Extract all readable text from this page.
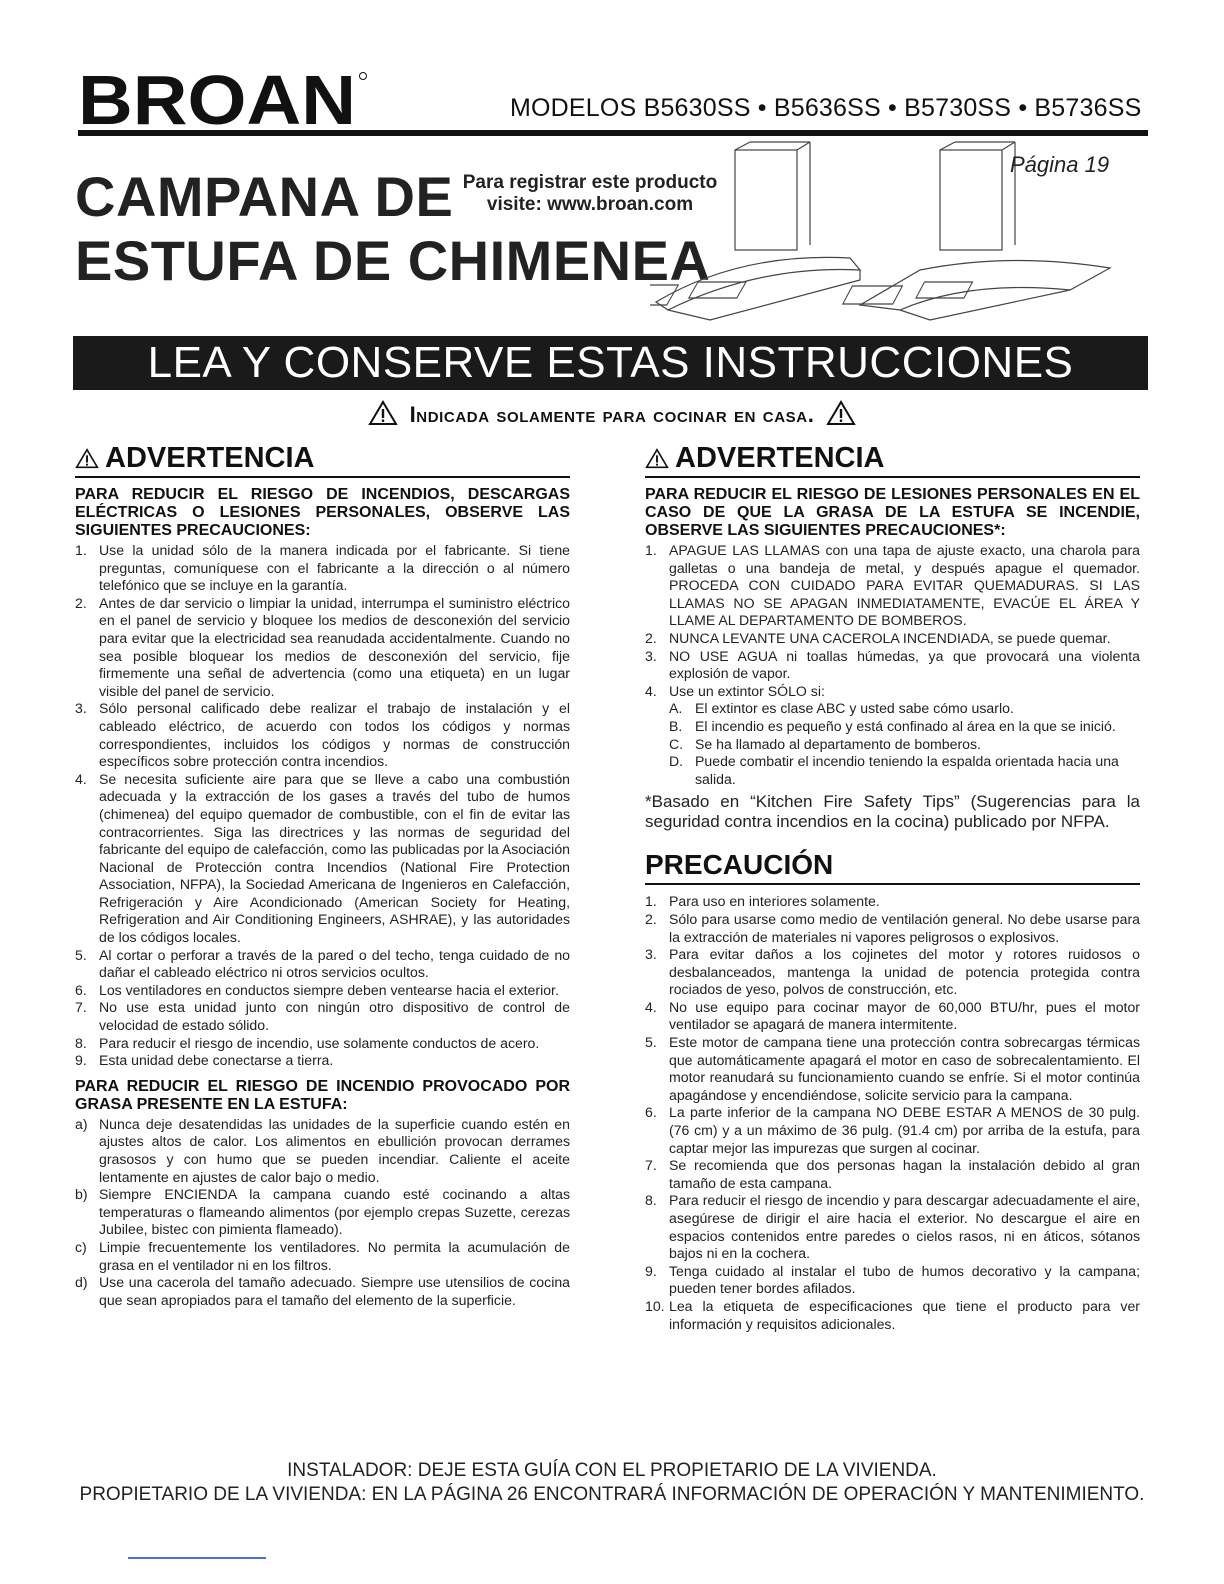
BROAN	MODELOS B5630SS • B5636SS • B5730SS • B5736SS
CAMPANA DE
ESTUFA DE CHIMENEA
Para registrar este producto
visite: www.broan.com
Página 19
LEA Y CONSERVE ESTAS INSTRUCCIONES
Indicada solamente para cocinar en casa.
ADVERTENCIA

PARA REDUCIR EL RIESGO DE INCENDIOS, DESCARGAS ELÉCTRICAS O LESIONES PERSONALES, OBSERVE LAS SIGUIENTES PRECAUCIONES:

1. Use la unidad sólo de la manera indicada por el fabricante. Si tiene preguntas, comuníquese con el fabricante a la dirección o al número telefónico que se incluye en la garantía.
2. Antes de dar servicio o limpiar la unidad, interrumpa el suministro eléctrico en el panel de servicio y bloquee los medios de desconexión del servicio para evitar que la electricidad sea reanudada accidentalmente. Cuando no sea posible bloquear los medios de desconexión del servicio, fije firmemente una señal de advertencia (como una etiqueta) en un lugar visible del panel de servicio.
3. Sólo personal calificado debe realizar el trabajo de instalación y el cableado eléctrico, de acuerdo con todos los códigos y normas correspondientes, incluidos los códigos y normas de construcción específicos sobre protección contra incendios.
4. Se necesita suficiente aire para que se lleve a cabo una combustión adecuada y la extracción de los gases a través del tubo de humos (chimenea) del equipo quemador de combustible, con el fin de evitar las contracorrientes. Siga las directrices y las normas de seguridad del fabricante del equipo de calefacción, como las publicadas por la Asociación Nacional de Protección contra Incendios (National Fire Protection Association, NFPA), la Sociedad Americana de Ingenieros en Calefacción, Refrigeración y Aire Acondicionado (American Society for Heating, Refrigeration and Air Conditioning Engineers, ASHRAE), y las autoridades de los códigos locales.
5. Al cortar o perforar a través de la pared o del techo, tenga cuidado de no dañar el cableado eléctrico ni otros servicios ocultos.
6. Los ventiladores en conductos siempre deben ventearse hacia el exterior.
7. No use esta unidad junto con ningún otro dispositivo de control de velocidad de estado sólido.
8. Para reducir el riesgo de incendio, use solamente conductos de acero.
9. Esta unidad debe conectarse a tierra.

PARA REDUCIR EL RIESGO DE INCENDIO PROVOCADO POR GRASA PRESENTE EN LA ESTUFA:

a) Nunca deje desatendidas las unidades de la superficie cuando estén en ajustes altos de calor. Los alimentos en ebullición provocan derrames grasosos y con humo que se pueden incendiar. Caliente el aceite lentamente en ajustes de calor bajo o medio.
b) Siempre ENCIENDA la campana cuando esté cocinando a altas temperaturas o flameando alimentos (por ejemplo crepas Suzette, cerezas Jubilee, bistec con pimienta flameado).
c) Limpie frecuentemente los ventiladores. No permita la acumulación de grasa en el ventilador ni en los filtros.
d) Use una cacerola del tamaño adecuado. Siempre use utensilios de cocina que sean apropiados para el tamaño del elemento de la superficie.
ADVERTENCIA

PARA REDUCIR EL RIESGO DE LESIONES PERSONALES EN EL CASO DE QUE LA GRASA DE LA ESTUFA SE INCENDIE, OBSERVE LAS SIGUIENTES PRECAUCIONES*:

1. APAGUE LAS LLAMAS con una tapa de ajuste exacto, una charola para galletas o una bandeja de metal, y después apague el quemador. PROCEDA CON CUIDADO PARA EVITAR QUEMADURAS. SI LAS LLAMAS NO SE APAGAN INMEDIATAMENTE, EVACÚE EL ÁREA Y LLAME AL DEPARTAMENTO DE BOMBEROS.
2. NUNCA LEVANTE UNA CACEROLA INCENDIADA, se puede quemar.
3. NO USE AGUA ni toallas húmedas, ya que provocará una violenta explosión de vapor.
4. Use un extintor SÓLO si:
A. El extintor es clase ABC y usted sabe cómo usarlo.
B. El incendio es pequeño y está confinado al área en la que se inició.
C. Se ha llamado al departamento de bomberos.
D. Puede combatir el incendio teniendo la espalda orientada hacia una salida.

*Basado en “Kitchen Fire Safety Tips” (Sugerencias para la seguridad contra incendios en la cocina) publicado por NFPA.

PRECAUCIÓN
1. Para uso en interiores solamente.
2. Sólo para usarse como medio de ventilación general. No debe usarse para la extracción de materiales ni vapores peligrosos o explosivos.
3. Para evitar daños a los cojinetes del motor y rotores ruidosos o desbalanceados, mantenga la unidad de potencia protegida contra rociados de yeso, polvos de construcción, etc.
4. No use equipo para cocinar mayor de 60,000 BTU/hr, pues el motor ventilador se apagará de manera intermitente.
5. Este motor de campana tiene una protección contra sobrecargas térmicas que automáticamente apagará el motor en caso de sobrecalentamiento. El motor reanudará su funcionamiento cuando se enfríe. Si el motor continúa apagándose y encendiéndose, solicite servicio para la campana.
6. La parte inferior de la campana NO DEBE ESTAR A MENOS de 30 pulg. (76 cm) y a un máximo de 36 pulg. (91.4 cm) por arriba de la estufa, para captar mejor las impurezas que surgen al cocinar.
7. Se recomienda que dos personas hagan la instalación debido al gran tamaño de esta campana.
8. Para reducir el riesgo de incendio y para descargar adecuadamente el aire, asegúrese de dirigir el aire hacia el exterior. No descargue el aire en espacios contenidos entre paredes o cielos rasos, ni en áticos, sótanos bajos ni en la cochera.
9. Tenga cuidado al instalar el tubo de humos decorativo y la campana; pueden tener bordes afilados.
10. Lea la etiqueta de especificaciones que tiene el producto para ver información y requisitos adicionales.
INSTALADOR: DEJE ESTA GUÍA CON EL PROPIETARIO DE LA VIVIENDA.
PROPIETARIO DE LA VIVIENDA: EN LA PÁGINA 26 ENCONTRARÁ INFORMACIÓN DE OPERACIÓN Y MANTENIMIENTO.
